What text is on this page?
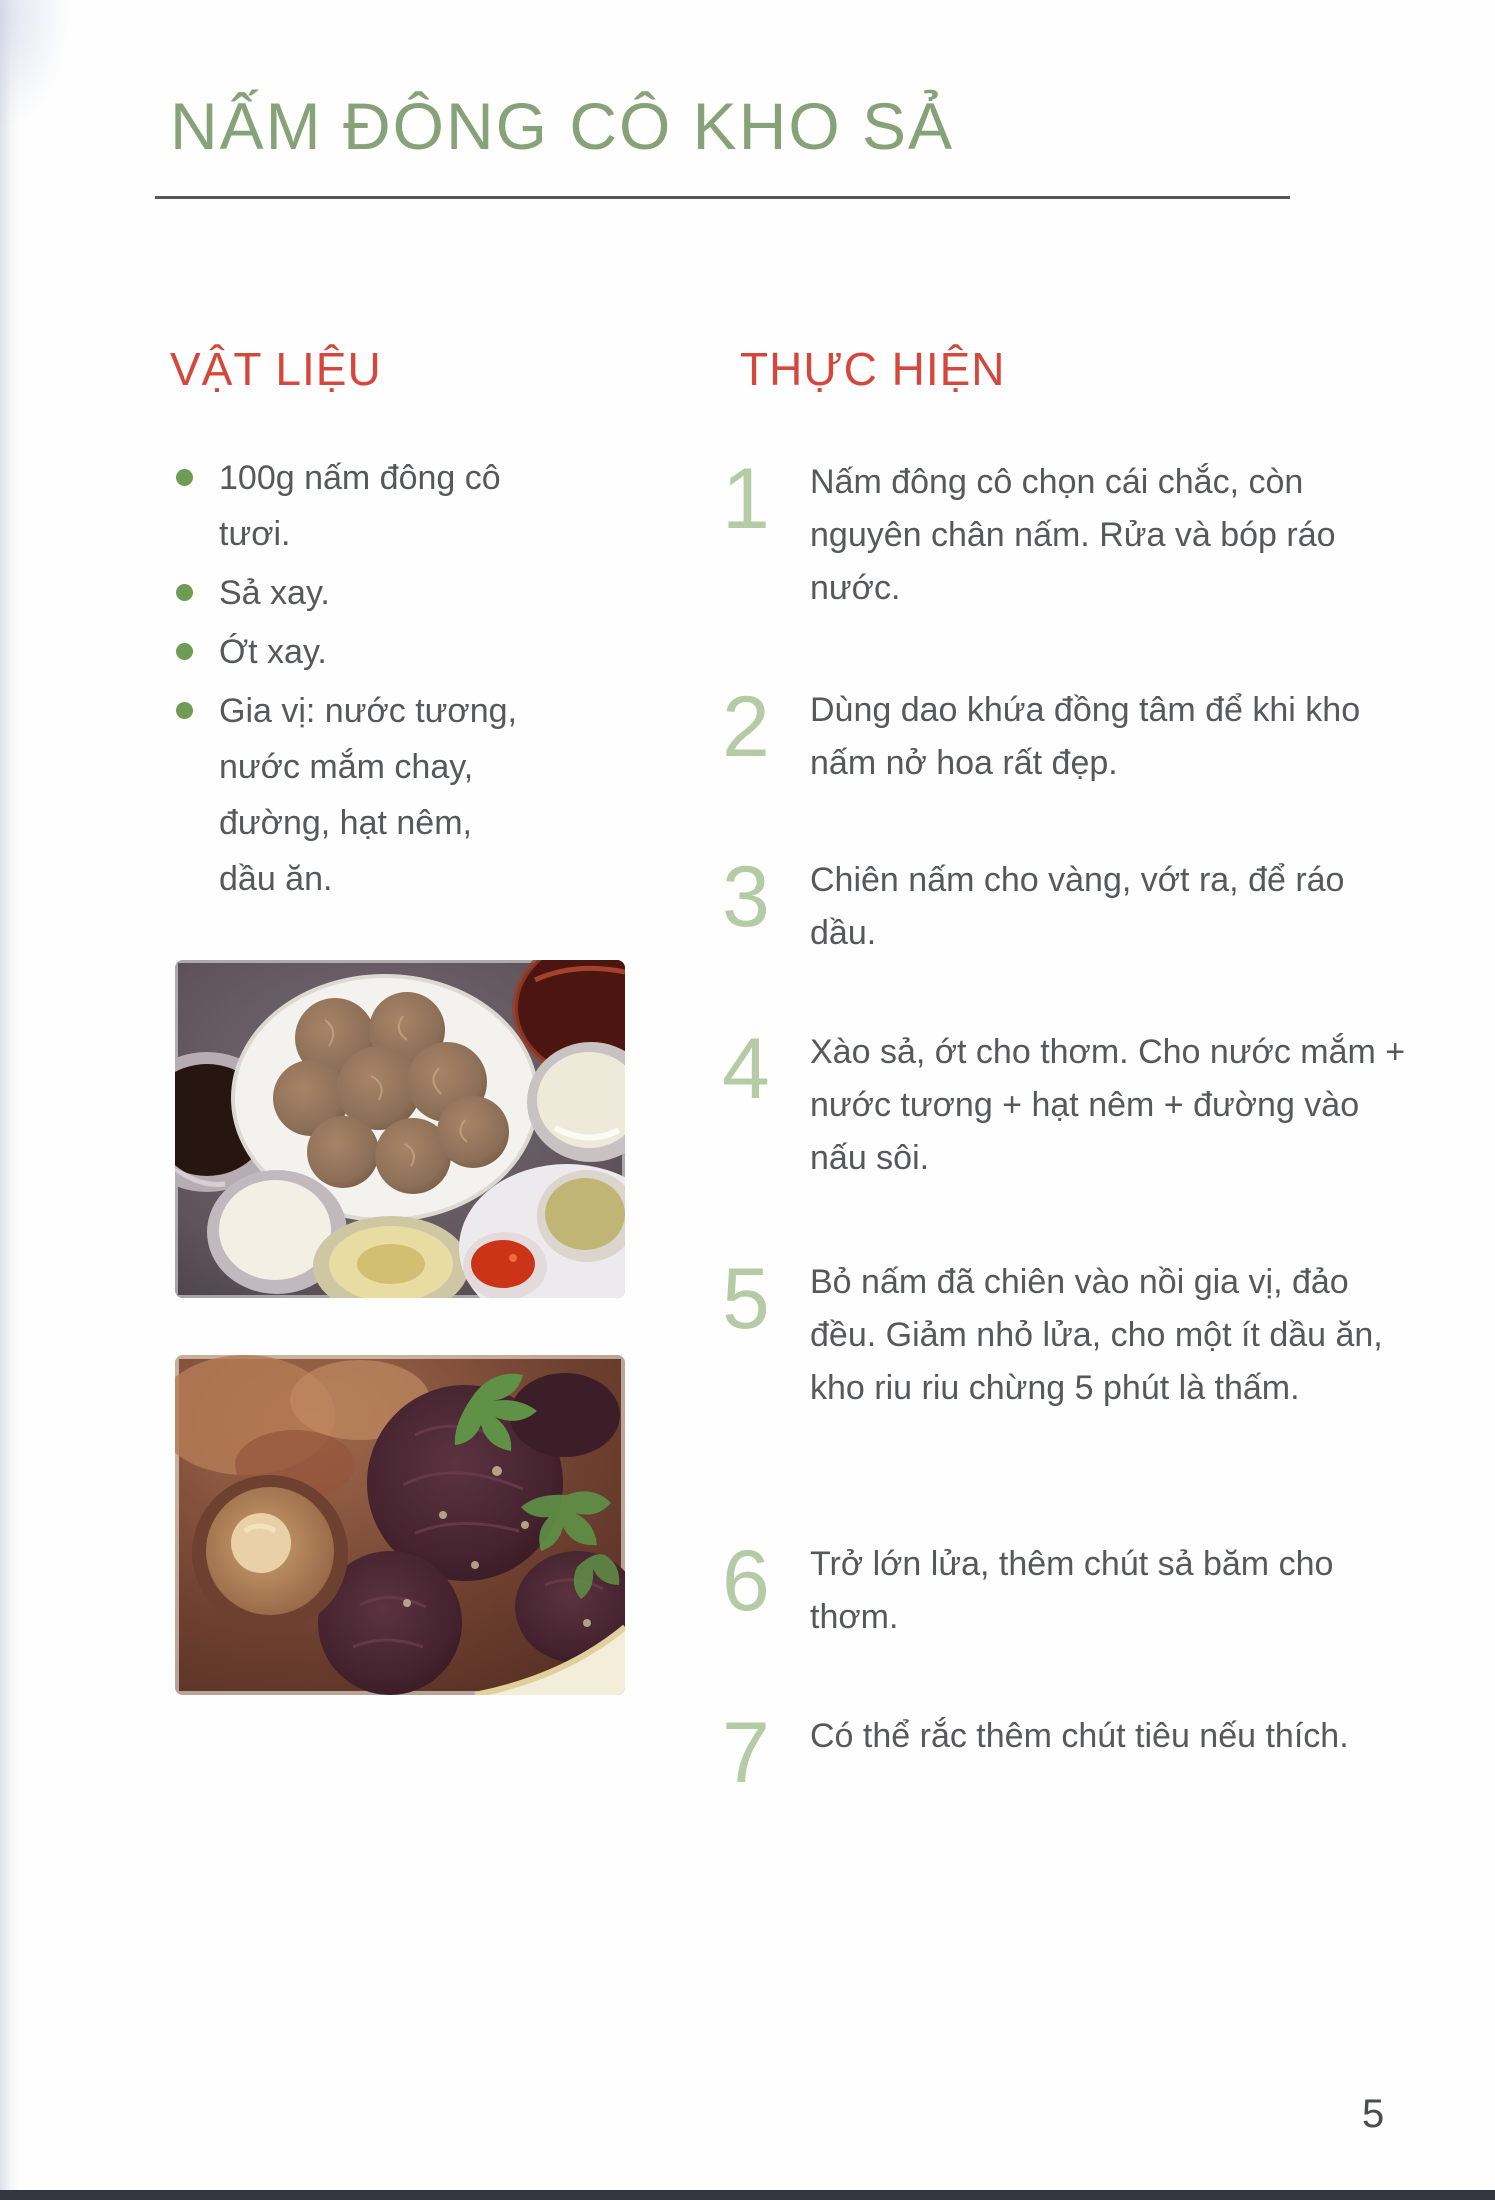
NẤM ĐÔNG CÔ KHO SẢ
VẬT LIỆU
100g nấm đông cô tươi.
Sả xay.
Ớt xay.
Gia vị: nước tương, nước mắm chay, đường, hạt nêm, dầu ăn.
THỰC HIỆN
1	Nấm đông cô chọn cái chắc, còn nguyên chân nấm. Rửa và bóp ráo nước.

2	Dùng dao khứa đồng tâm để khi kho nấm nở hoa rất đẹp.

3	Chiên nấm cho vàng, vớt ra, để ráo dầu.

4	Xào sả, ớt cho thơm. Cho nước mắm + nước tương + hạt nêm + đường vào nấu sôi.

5	Bỏ nấm đã chiên vào nồi gia vị, đảo đều. Giảm nhỏ lửa, cho một ít dầu ăn, kho riu riu chừng 5 phút là thấm.

6	Trở lớn lửa, thêm chút sả băm cho thơm.

7	Có thể rắc thêm chút tiêu nếu thích.

5
